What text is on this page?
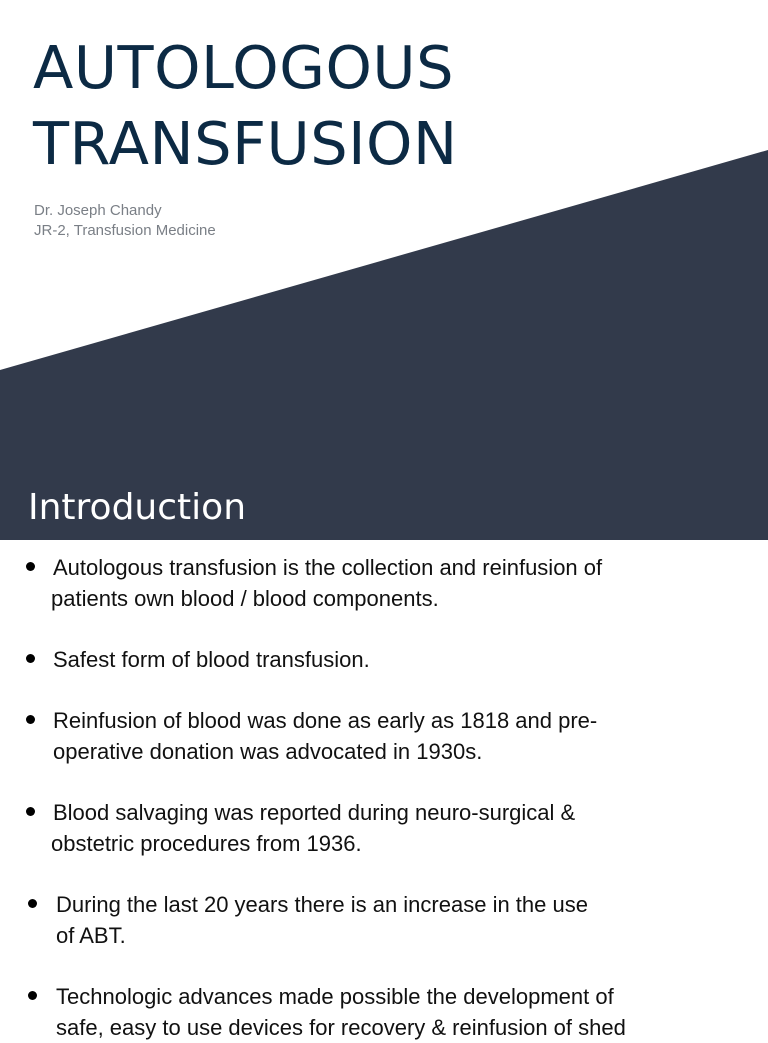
AUTOLOGOUS
TRANSFUSION
Dr. Joseph Chandy
JR-2, Transfusion Medicine
Introduction
Autologous transfusion is the collection and reinfusion of
patients own blood / blood components.
Safest form of blood transfusion.
Reinfusion of blood was done as early as 1818 and pre-
operative donation was advocated in 1930s.
Blood salvaging was reported during neuro-surgical &
obstetric procedures from 1936.
During the last 20 years there is an increase in the use
of ABT.
Technologic advances made possible the development of
safe, easy to use devices for recovery & reinfusion of shed
